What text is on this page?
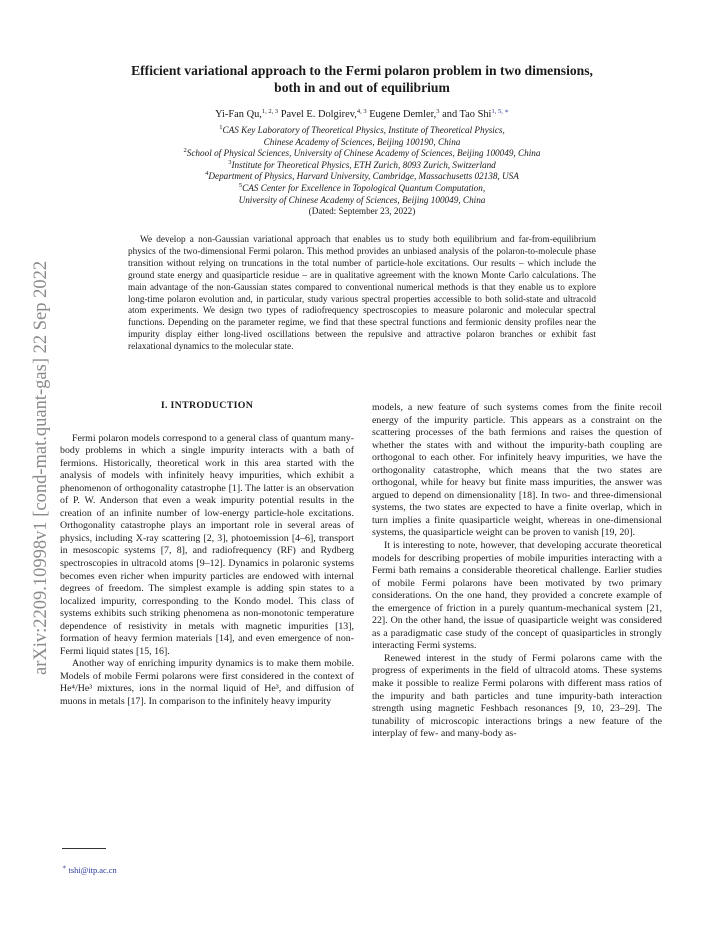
arXiv:2209.10998v1 [cond-mat.quant-gas] 22 Sep 2022
Efficient variational approach to the Fermi polaron problem in two dimensions,
both in and out of equilibrium
Yi-Fan Qu,$^{1, 2, 3}$ Pavel E. Dolgirev,$^{4, 3}$ Eugene Demler,$^3$ and Tao Shi$^{1, 5, ∗}$
$^1$CAS Key Laboratory of Theoretical Physics, Institute of Theoretical Physics,
Chinese Academy of Sciences, Beijing 100190, China
$^2$School of Physical Sciences, University of Chinese Academy of Sciences, Beijing 100049, China
$^3$Institute for Theoretical Physics, ETH Zurich, 8093 Zurich, Switzerland
$^4$Department of Physics, Harvard University, Cambridge, Massachusetts 02138, USA
$^5$CAS Center for Excellence in Topological Quantum Computation,
University of Chinese Academy of Sciences, Beijing 100049, China
(Dated: September 23, 2022)
We develop a non-Gaussian variational approach that enables us to study both equilibrium and far-from-equilibrium physics of the two-dimensional Fermi polaron. This method provides an unbiased analysis of the polaron-to-molecule phase transition without relying on truncations in the total number of particle-hole excitations. Our results – which include the ground state energy and quasiparticle residue – are in qualitative agreement with the known Monte Carlo calculations. The main advantage of the non-Gaussian states compared to conventional numerical methods is that they enable us to explore long-time polaron evolution and, in particular, study various spectral properties accessible to both solid-state and ultracold atom experiments. We design two types of radiofrequency spectroscopies to measure polaronic and molecular spectral functions. Depending on the parameter regime, we find that these spectral functions and fermionic density profiles near the impurity display either long-lived oscillations between the repulsive and attractive polaron branches or exhibit fast relaxational dynamics to the molecular state.
I. INTRODUCTION

Fermi polaron models correspond to a general class of quantum many-body problems in which a single impurity interacts with a bath of fermions. Historically, theoretical work in this area started with the analysis of models with infinitely heavy impurities, which exhibit a phenomenon of orthogonality catastrophe [1]. The latter is an observation of P. W. Anderson that even a weak impurity potential results in the creation of an infinite number of low-energy particle-hole excitations. Orthogonality catastrophe plays an important role in several areas of physics, including X-ray scattering [2, 3], photoemission [4–6], transport in mesoscopic systems [7, 8], and radiofrequency (RF) and Rydberg spectroscopies in ultracold atoms [9–12]. Dynamics in polaronic systems becomes even richer when impurity particles are endowed with internal degrees of freedom. The simplest example is adding spin states to a localized impurity, corresponding to the Kondo model. This class of systems exhibits such striking phenomena as non-monotonic temperature dependence of resistivity in metals with magnetic impurities [13], formation of heavy fermion materials [14], and even emergence of non-Fermi liquid states [15, 16].

Another way of enriching impurity dynamics is to make them mobile. Models of mobile Fermi polarons were first considered in the context of He⁴/He³ mixtures, ions in the normal liquid of He³, and diffusion of muons in metals [17]. In comparison to the infinitely heavy impurity

models, a new feature of such systems comes from the finite recoil energy of the impurity particle. This appears as a constraint on the scattering processes of the bath fermions and raises the question of whether the states with and without the impurity-bath coupling are orthogonal to each other. For infinitely heavy impurities, we have the orthogonality catastrophe, which means that the two states are orthogonal, while for heavy but finite mass impurities, the answer was argued to depend on dimensionality [18]. In two- and three-dimensional systems, the two states are expected to have a finite overlap, which in turn implies a finite quasiparticle weight, whereas in one-dimensional systems, the quasiparticle weight can be proven to vanish [19, 20].

It is interesting to note, however, that developing accurate theoretical models for describing properties of mobile impurities interacting with a Fermi bath remains a considerable theoretical challenge. Earlier studies of mobile Fermi polarons have been motivated by two primary considerations. On the one hand, they provided a concrete example of the emergence of friction in a purely quantum-mechanical system [21, 22]. On the other hand, the issue of quasiparticle weight was considered as a paradigmatic case study of the concept of quasiparticles in strongly interacting Fermi systems.

Renewed interest in the study of Fermi polarons came with the progress of experiments in the field of ultracold atoms. These systems make it possible to realize Fermi polarons with different mass ratios of the impurity and bath particles and tune impurity-bath interaction strength using magnetic Feshbach resonances [9, 10, 23–29]. The tunability of microscopic interactions brings a new feature of the interplay of few- and many-body as-

∗ tshi@itp.ac.cn
